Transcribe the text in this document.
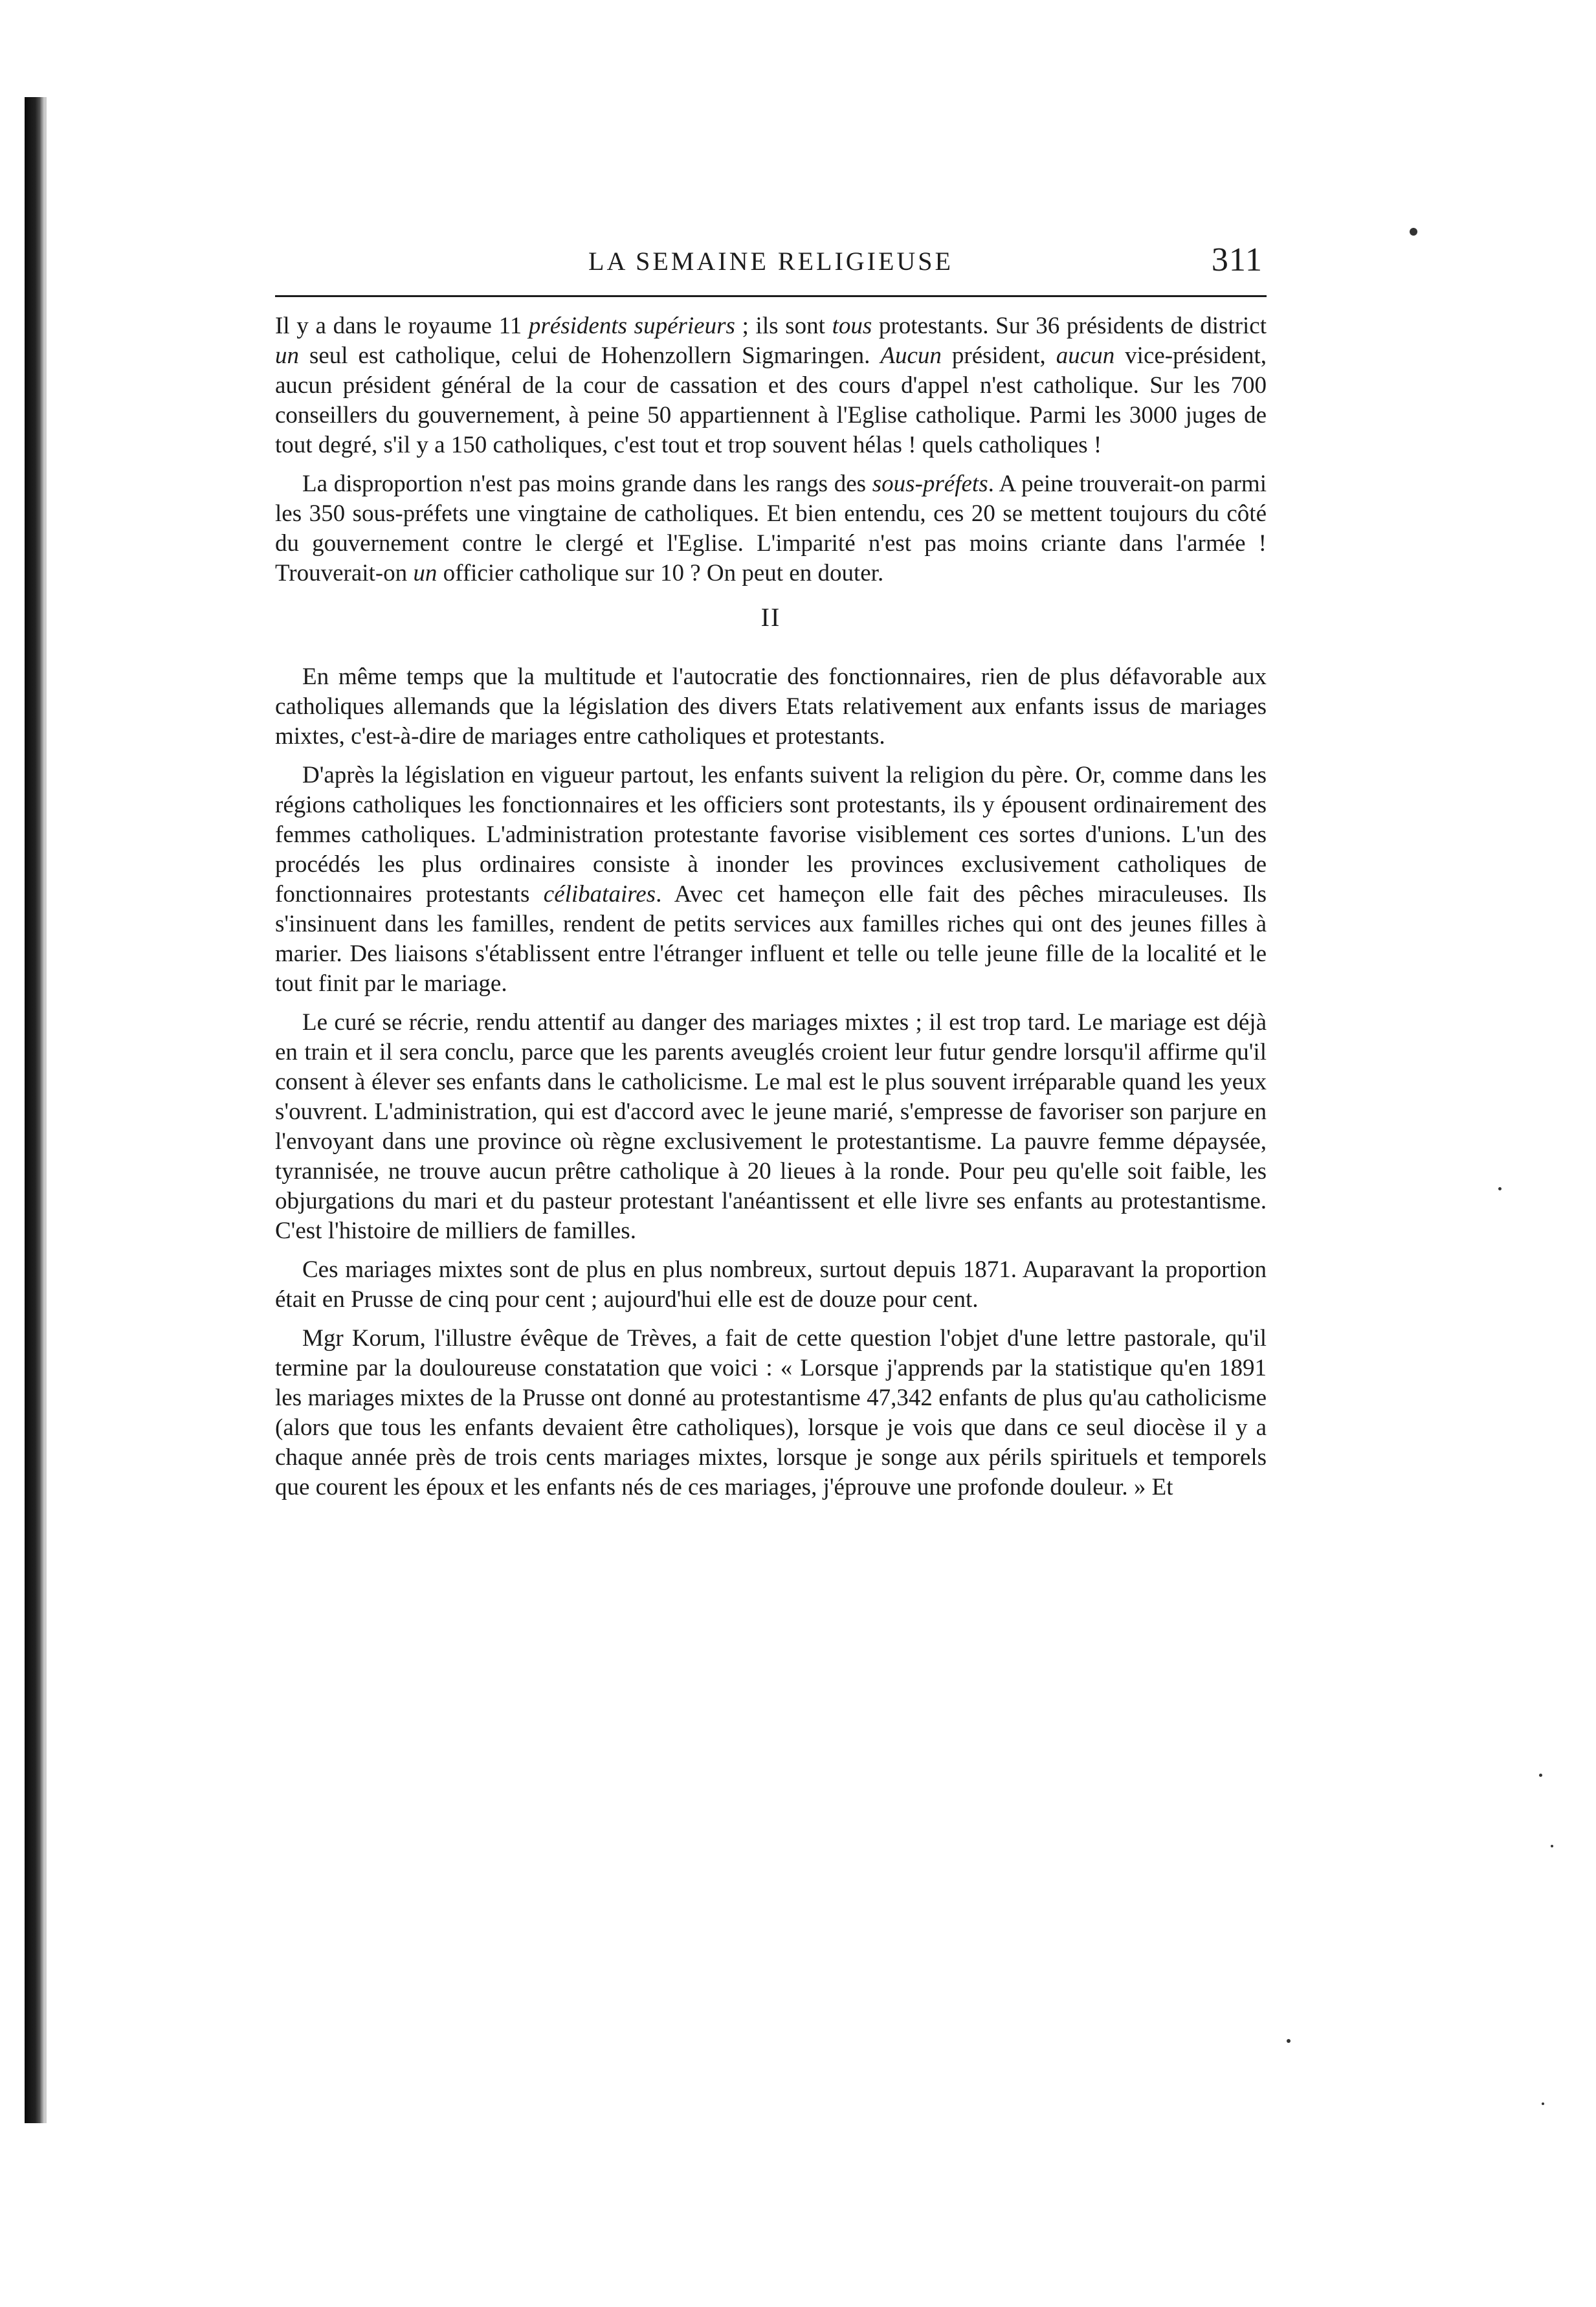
LA SEMAINE RELIGIEUSE	311

Il y a dans le royaume 11 présidents supérieurs ; ils sont tous protestants. Sur 36 présidents de district un seul est catholique, celui de Hohenzollern Sigmaringen. Aucun président, aucun vice-président, aucun président général de la cour de cassation et des cours d'appel n'est catholique. Sur les 700 conseillers du gouvernement, à peine 50 appartiennent à l'Eglise catholique. Parmi les 3000 juges de tout degré, s'il y a 150 catholiques, c'est tout et trop souvent hélas ! quels catholiques !

La disproportion n'est pas moins grande dans les rangs des sous-préfets. A peine trouverait-on parmi les 350 sous-préfets une vingtaine de catholiques. Et bien entendu, ces 20 se mettent toujours du côté du gouvernement contre le clergé et l'Eglise. L'imparité n'est pas moins criante dans l'armée ! Trouverait-on un officier catholique sur 10 ? On peut en douter.

II

En même temps que la multitude et l'autocratie des fonctionnaires, rien de plus défavorable aux catholiques allemands que la législation des divers Etats relativement aux enfants issus de mariages mixtes, c'est-à-dire de mariages entre catholiques et protestants.

D'après la législation en vigueur partout, les enfants suivent la religion du père. Or, comme dans les régions catholiques les fonctionnaires et les officiers sont protestants, ils y épousent ordinairement des femmes catholiques. L'administration protestante favorise visiblement ces sortes d'unions. L'un des procédés les plus ordinaires consiste à inonder les provinces exclusivement catholiques de fonctionnaires protestants célibataires. Avec cet hameçon elle fait des pêches miraculeuses. Ils s'insinuent dans les familles, rendent de petits services aux familles riches qui ont des jeunes filles à marier. Des liaisons s'établissent entre l'étranger influent et telle ou telle jeune fille de la localité et le tout finit par le mariage.

Le curé se récrie, rendu attentif au danger des mariages mixtes ; il est trop tard. Le mariage est déjà en train et il sera conclu, parce que les parents aveuglés croient leur futur gendre lorsqu'il affirme qu'il consent à élever ses enfants dans le catholicisme. Le mal est le plus souvent irréparable quand les yeux s'ouvrent. L'administration, qui est d'accord avec le jeune marié, s'empresse de favoriser son parjure en l'envoyant dans une province où règne exclusivement le protestantisme. La pauvre femme dépaysée, tyrannisée, ne trouve aucun prêtre catholique à 20 lieues à la ronde. Pour peu qu'elle soit faible, les objurgations du mari et du pasteur protestant l'anéantissent et elle livre ses enfants au protestantisme. C'est l'histoire de milliers de familles.

Ces mariages mixtes sont de plus en plus nombreux, surtout depuis 1871. Auparavant la proportion était en Prusse de cinq pour cent ; aujourd'hui elle est de douze pour cent.

Mgr Korum, l'illustre évêque de Trèves, a fait de cette question l'objet d'une lettre pastorale, qu'il termine par la douloureuse constatation que voici : « Lorsque j'apprends par la statistique qu'en 1891 les mariages mixtes de la Prusse ont donné au protestantisme 47,342 enfants de plus qu'au catholicisme (alors que tous les enfants devaient être catholiques), lorsque je vois que dans ce seul diocèse il y a chaque année près de trois cents mariages mixtes, lorsque je songe aux périls spirituels et temporels que courent les époux et les enfants nés de ces mariages, j'éprouve une profonde douleur. » Et
